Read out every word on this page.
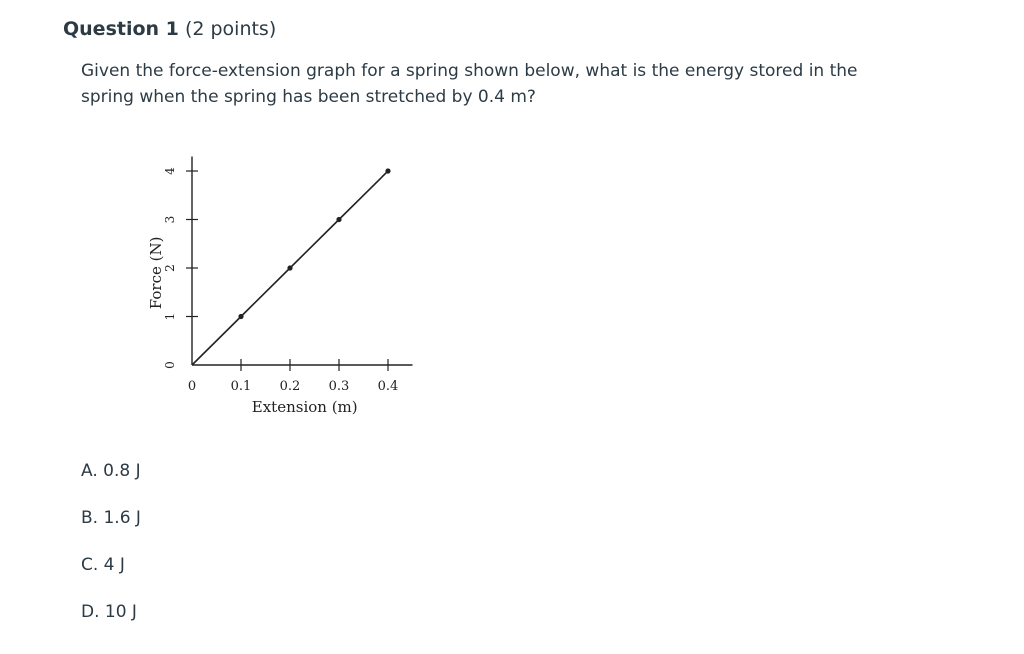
Question 1 (2 points)
Given the force-extension graph for a spring shown below, what is the energy stored in the spring when the spring has been stretched by 0.4 m?
0	0.1 0.2 0.3 0.4
0
1
2
3
4
Extension (m)
Force (N)
A. 0.8 J
B. 1.6 J
C. 4 J
D. 10 J
